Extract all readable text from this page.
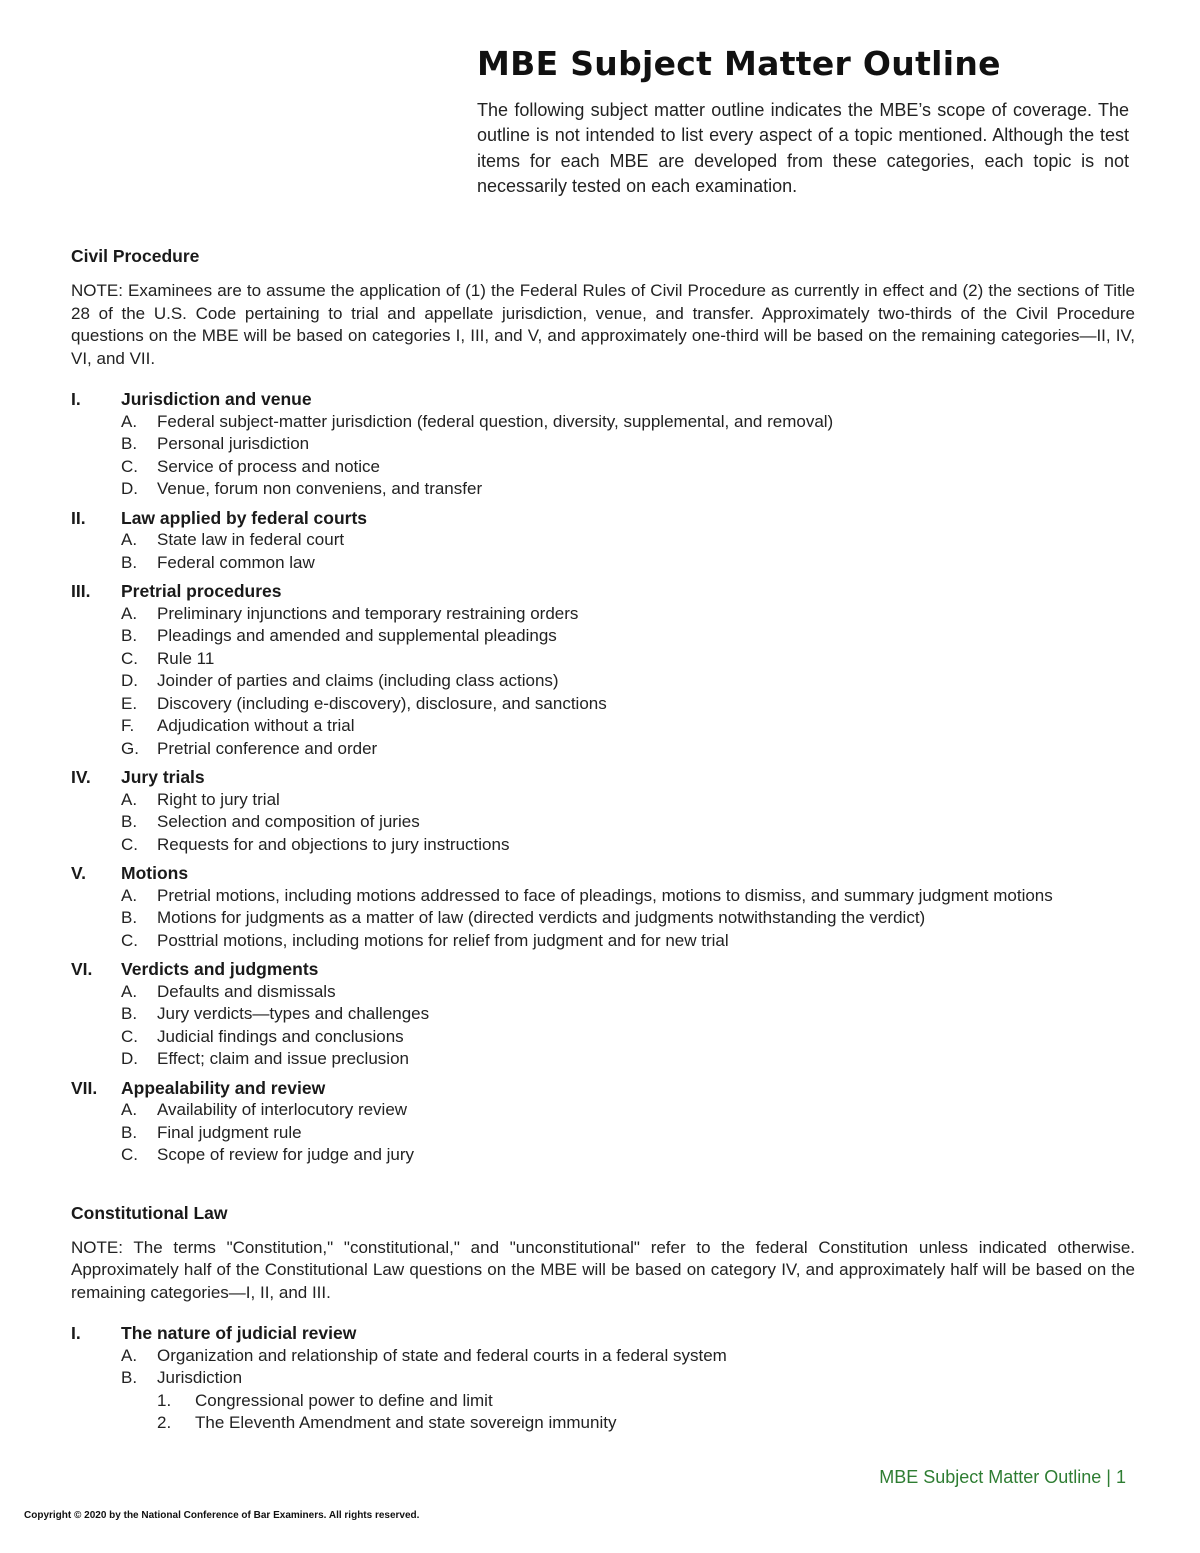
MBE Subject Matter Outline

The following subject matter outline indicates the MBE’s scope of coverage. The outline is not intended to list every aspect of a topic mentioned. Although the test items for each MBE are developed from these categories, each topic is not necessarily tested on each examination.

Civil Procedure

NOTE: Examinees are to assume the application of (1) the Federal Rules of Civil Procedure as currently in effect and (2) the sections of Title 28 of the U.S. Code pertaining to trial and appellate jurisdiction, venue, and transfer. Approximately two-thirds of the Civil Procedure questions on the MBE will be based on categories I, III, and V, and approximately one-third will be based on the remaining categories—II, IV, VI, and VII.

I.	Jurisdiction and venue
A.	Federal subject-matter jurisdiction (federal question, diversity, supplemental, and removal)
B.	Personal jurisdiction
C.	Service of process and notice
D.	Venue, forum non conveniens, and transfer
II.	Law applied by federal courts
A.	State law in federal court
B.	Federal common law
III.	Pretrial procedures
A.	Preliminary injunctions and temporary restraining orders
B.	Pleadings and amended and supplemental pleadings
C.	Rule 11
D.	Joinder of parties and claims (including class actions)
E.	Discovery (including e-discovery), disclosure, and sanctions
F.	Adjudication without a trial
G.	Pretrial conference and order
IV.	Jury trials
A.	Right to jury trial
B.	Selection and composition of juries
C.	Requests for and objections to jury instructions
V.	Motions
A.	Pretrial motions, including motions addressed to face of pleadings, motions to dismiss, and summary judgment motions
B.	Motions for judgments as a matter of law (directed verdicts and judgments notwithstanding the verdict)
C.	Posttrial motions, including motions for relief from judgment and for new trial
VI.	Verdicts and judgments
A.	Defaults and dismissals
B.	Jury verdicts—types and challenges
C.	Judicial findings and conclusions
D.	Effect; claim and issue preclusion
VII.	Appealability and review
A.	Availability of interlocutory review
B.	Final judgment rule
C.	Scope of review for judge and jury
Constitutional Law

NOTE: The terms "Constitution," "constitutional," and "unconstitutional" refer to the federal Constitution unless indicated otherwise. Approximately half of the Constitutional Law questions on the MBE will be based on category IV, and approximately half will be based on the remaining categories—I, II, and III.

I.	The nature of judicial review
A.	Organization and relationship of state and federal courts in a federal system
B.	Jurisdiction
1.	Congressional power to define and limit
2.	The Eleventh Amendment and state sovereign immunity
MBE Subject Matter Outline | 1
Copyright © 2020 by the National Conference of Bar Examiners. All rights reserved.
